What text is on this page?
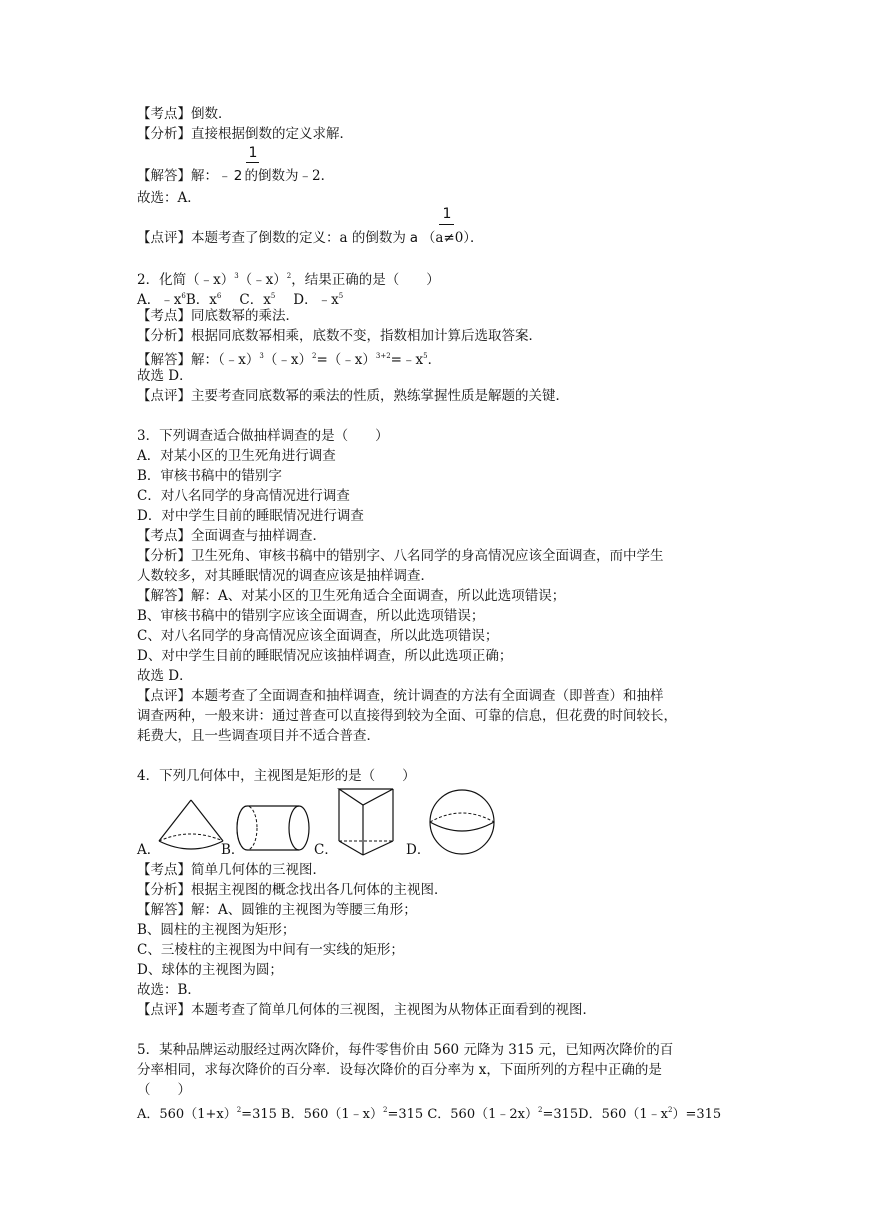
【考点】倒数．
【分析】直接根据倒数的定义求解．
1
【解答】解：﹣ 2 的倒数为﹣2．
故选：A．
1
【点评】本题考查了倒数的定义：a 的倒数为 a （a≠0）．
2．化简（﹣x）$^3$（﹣x）$^2$，结果正确的是（　　）
A．$﹣x^6B$．$x^6$ C．$x^5$ D．$﹣x^5$
【考点】同底数幂的乘法．
【分析】根据同底数幂相乘，底数不变，指数相加计算后选取答案．
【解答】解：$(﹣x)^3(﹣x)^2=(﹣x)^{3+2}=﹣x^5$．
故选 D．
【点评】主要考查同底数幂的乘法的性质，熟练掌握性质是解题的关键．
3．下列调查适合做抽样调查的是（　　）
A．对某小区的卫生死角进行调查
B．审核书稿中的错别字
C．对八名同学的身高情况进行调查
D．对中学生目前的睡眠情况进行调查
【考点】全面调查与抽样调查．
【分析】卫生死角、审核书稿中的错别字、八名同学的身高情况应该全面调查，而中学生
人数较多，对其睡眠情况的调查应该是抽样调查．
【解答】解：A、对某小区的卫生死角适合全面调查，所以此选项错误；
B、审核书稿中的错别字应该全面调查，所以此选项错误；
C、对八名同学的身高情况应该全面调查，所以此选项错误；
D、对中学生目前的睡眠情况应该抽样调查，所以此选项正确；
故选 D．
【点评】本题考查了全面调查和抽样调查，统计调查的方法有全面调查（即普查）和抽样
调查两种，一般来讲：通过普查可以直接得到较为全面、可靠的信息，但花费的时间较长，
耗费大，且一些调查项目并不适合普查．
4．下列几何体中，主视图是矩形的是（　　）
A．	B．	C．	D．
【考点】简单几何体的三视图．
【分析】根据主视图的概念找出各几何体的主视图．
【解答】解：A、圆锥的主视图为等腰三角形；
B、圆柱的主视图为矩形；
C、三棱柱的主视图为中间有一实线的矩形；
D、球体的主视图为圆；
故选：B．
【点评】本题考查了简单几何体的三视图，主视图为从物体正面看到的视图．
5．某种品牌运动服经过两次降价，每件零售价由 560 元降为 315 元，已知两次降价的百
分率相同，求每次降价的百分率．设每次降价的百分率为 x，下面所列的方程中正确的是
（　　）
A．$560(1+x)^2=315$ B．560（1﹣x）$^2$=315 C．560（1﹣2x）$^2$=315D．$560(1﹣x^2)=315$
